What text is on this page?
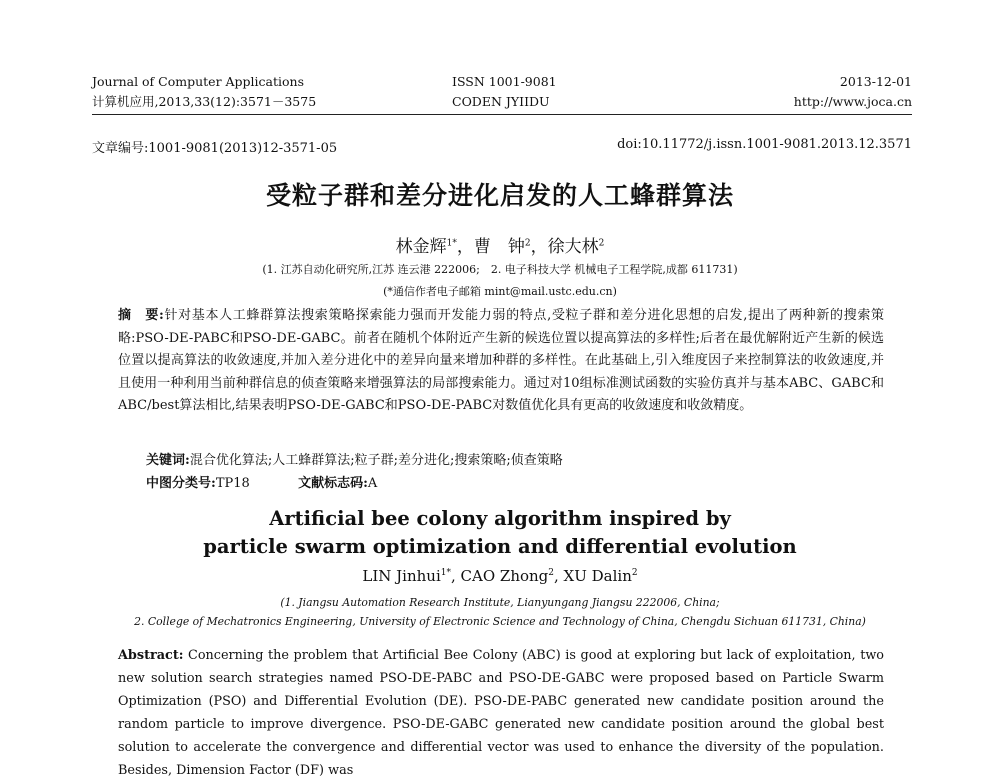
Journal of Computer Applications
计算机应用,2013,33(12):3571－3575
ISSN 1001-9081
CODEN JYIIDU
2013-12-01
http://www.joca.cn
文章编号:1001-9081(2013)12-3571-05	doi:10.11772/j.issn.1001-9081.2013.12.3571
受粒子群和差分进化启发的人工蜂群算法
林金辉$^{1*}$，曹　钟$^2$，徐大林$^2$
(1. 江苏自动化研究所,江苏 连云港 222006;　2. 电子科技大学 机械电子工程学院,成都 611731)
(*通信作者电子邮箱 mint@mail.ustc.edu.cn)
摘　要:针对基本人工蜂群算法搜索策略探索能力强而开发能力弱的特点,受粒子群和差分进化思想的启发,提出了两种新的搜索策略:PSO-DE-PABC和PSO-DE-GABC。前者在随机个体附近产生新的候选位置以提高算法的多样性;后者在最优解附近产生新的候选位置以提高算法的收敛速度,并加入差分进化中的差异向量来增加种群的多样性。在此基础上,引入维度因子来控制算法的收敛速度,并且使用一种利用当前种群信息的侦查策略来增强算法的局部搜索能力。通过对10组标准测试函数的实验仿真并与基本ABC、GABC和ABC/best算法相比,结果表明PSO-DE-GABC和PSO-DE-PABC对数值优化具有更高的收敛速度和收敛精度。
关键词:混合优化算法;人工蜂群算法;粒子群;差分进化;搜索策略;侦查策略
中图分类号:TP18	文献标志码:A
Artificial bee colony algorithm inspired by
particle swarm optimization and differential evolution
LIN Jinhui$^{1*}$, CAO Zhong$^2$, XU Dalin$^2$
(1. Jiangsu Automation Research Institute, Lianyungang Jiangsu 222006, China;
2. College of Mechatronics Engineering, University of Electronic Science and Technology of China, Chengdu Sichuan 611731, China)
Abstract: Concerning the problem that Artificial Bee Colony (ABC) is good at exploring but lack of exploitation, two new solution search strategies named PSO-DE-PABC and PSO-DE-GABC were proposed based on Particle Swarm Optimization (PSO) and Differential Evolution (DE). PSO-DE-PABC generated new candidate position around the random particle to improve divergence. PSO-DE-GABC generated new candidate position around the global best solution to accelerate the convergence and differential vector was used to enhance the diversity of the population. Besides, Dimension Factor (DF) was
